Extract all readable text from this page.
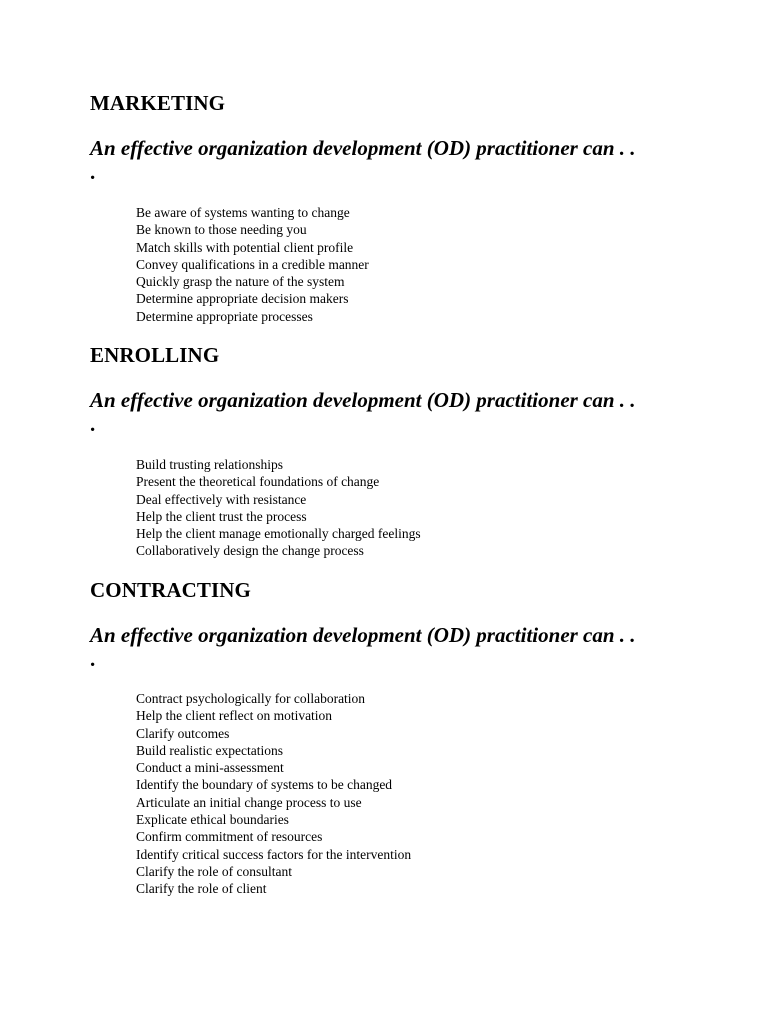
MARKETING

An effective organization development (OD) practitioner can . .

.
Be aware of systems wanting to change
Be known to those needing you
Match skills with potential client profile
Convey qualifications in a credible manner
Quickly grasp the nature of the system
Determine appropriate decision makers
Determine appropriate processes
ENROLLING

An effective organization development (OD) practitioner can . .

.
Build trusting relationships
Present the theoretical foundations of change
Deal effectively with resistance
Help the client trust the process
Help the client manage emotionally charged feelings
Collaboratively design the change process
CONTRACTING

An effective organization development (OD) practitioner can . .

.
Contract psychologically for collaboration
Help the client reflect on motivation
Clarify outcomes
Build realistic expectations
Conduct a mini-assessment
Identify the boundary of systems to be changed
Articulate an initial change process to use
Explicate ethical boundaries
Confirm commitment of resources
Identify critical success factors for the intervention
Clarify the role of consultant
Clarify the role of client
